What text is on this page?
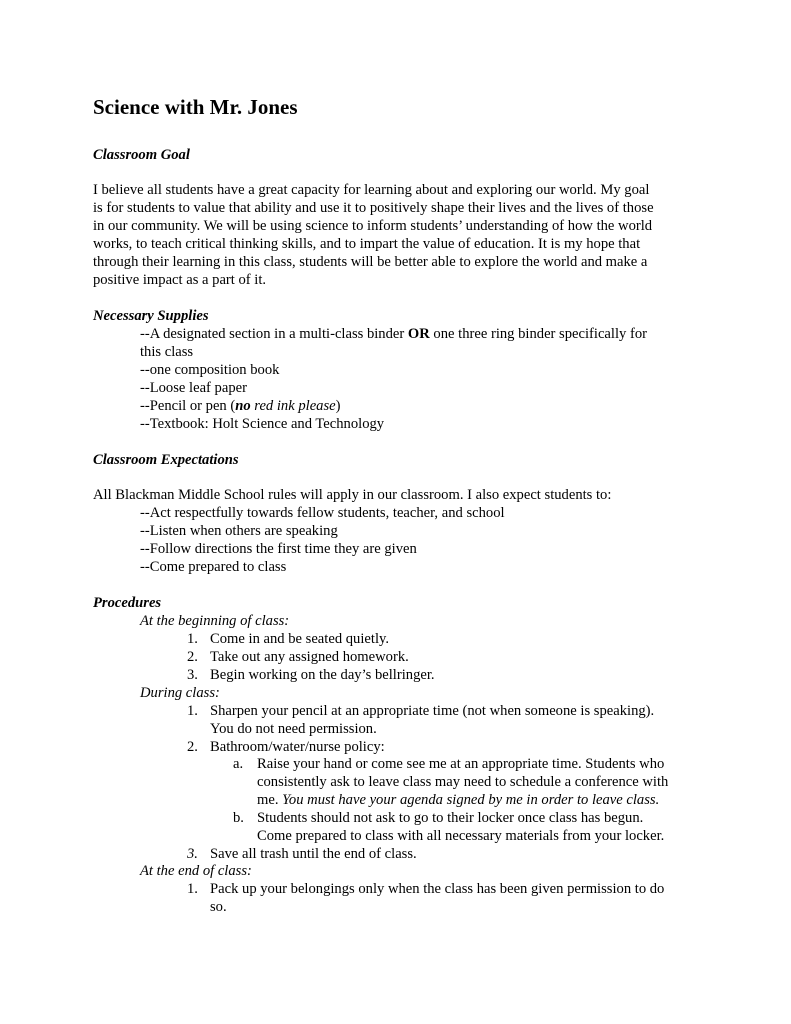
Science with Mr. Jones
Classroom Goal
I believe all students have a great capacity for learning about and exploring our world. My goal
is for students to value that ability and use it to positively shape their lives and the lives of those
in our community. We will be using science to inform students’ understanding of how the world
works, to teach critical thinking skills, and to impart the value of education. It is my hope that
through their learning in this class, students will be better able to explore the world and make a
positive impact as a part of it.
Necessary Supplies
--A designated section in a multi-class binder OR one three ring binder specifically for
this class
--one composition book
--Loose leaf paper
--Pencil or pen (no red ink please)
--Textbook: Holt Science and Technology
Classroom Expectations
All Blackman Middle School rules will apply in our classroom. I also expect students to:
--Act respectfully towards fellow students, teacher, and school
--Listen when others are speaking
--Follow directions the first time they are given
--Come prepared to class
Procedures
At the beginning of class:
1. Come in and be seated quietly.
2. Take out any assigned homework.
3. Begin working on the day’s bellringer.
During class:
1. Sharpen your pencil at an appropriate time (not when someone is speaking).
You do not need permission.
2. Bathroom/water/nurse policy:
a. Raise your hand or come see me at an appropriate time. Students who
consistently ask to leave class may need to schedule a conference with
me. You must have your agenda signed by me in order to leave class.
b. Students should not ask to go to their locker once class has begun.
Come prepared to class with all necessary materials from your locker.
3. Save all trash until the end of class.
At the end of class:
1. Pack up your belongings only when the class has been given permission to do
so.
